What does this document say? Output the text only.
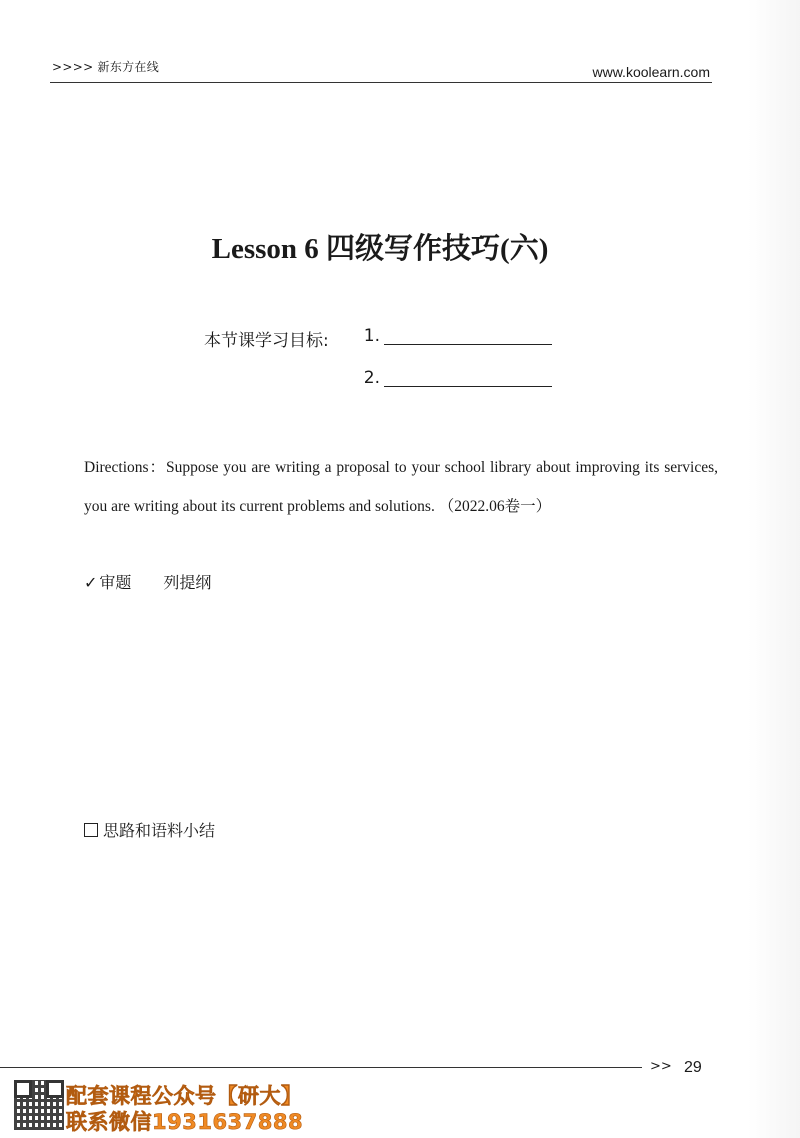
>>>> 新东方在线	www.koolearn.com
Lesson 6 四级写作技巧(六)
本节课学习目标: 1.
2.
Directions：Suppose you are writing a proposal to your school library about improving its services, you are writing about its current problems and solutions. （2022.06卷一）
✓ 审题 列提纲
思路和语料小结
>> 29
配套课程公众号【研大】
联系微信1931637888
